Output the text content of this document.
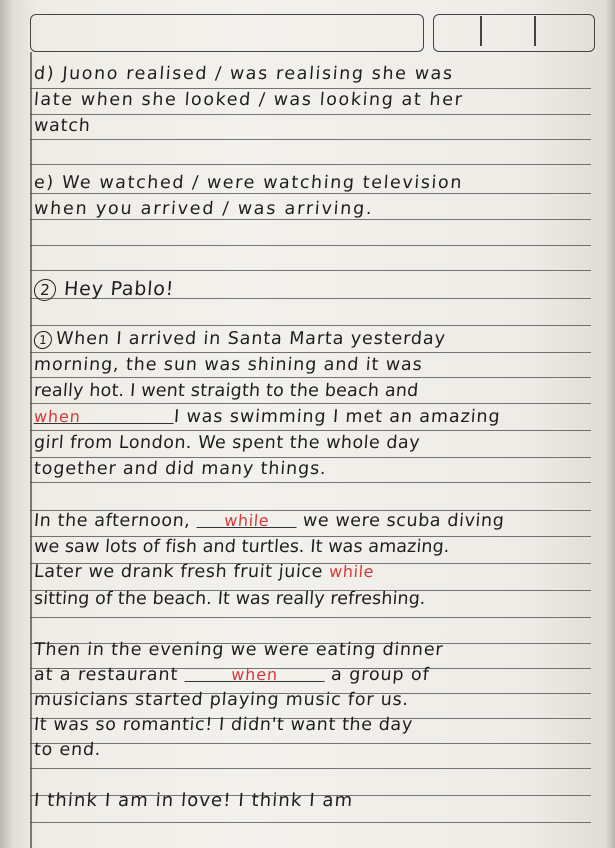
d) Juono realised / was realising she was
late when she looked / was looking at her
watch
e) We watched / were watching television
when you arrived / was arriving.
2 Hey Pablo!
1 When I arrived in Santa Marta yesterday
morning, the sun was shining and it was
really hot. I went straigth to the beach and
when	I was swimming I met an amazing
girl from London. We spent the whole day
together and did many things.
In the afternoon, while we were scuba diving
we saw lots of fish and turtles. It was amazing.
Later we drank fresh fruit juice while
sitting of the beach. It was really refreshing.
Then in the evening we were eating dinner
at a restaurant	when	a group of
musicians started playing music for us.
It was so romantic! I didn't want the day
to end.
I think I am in love! I think I am
